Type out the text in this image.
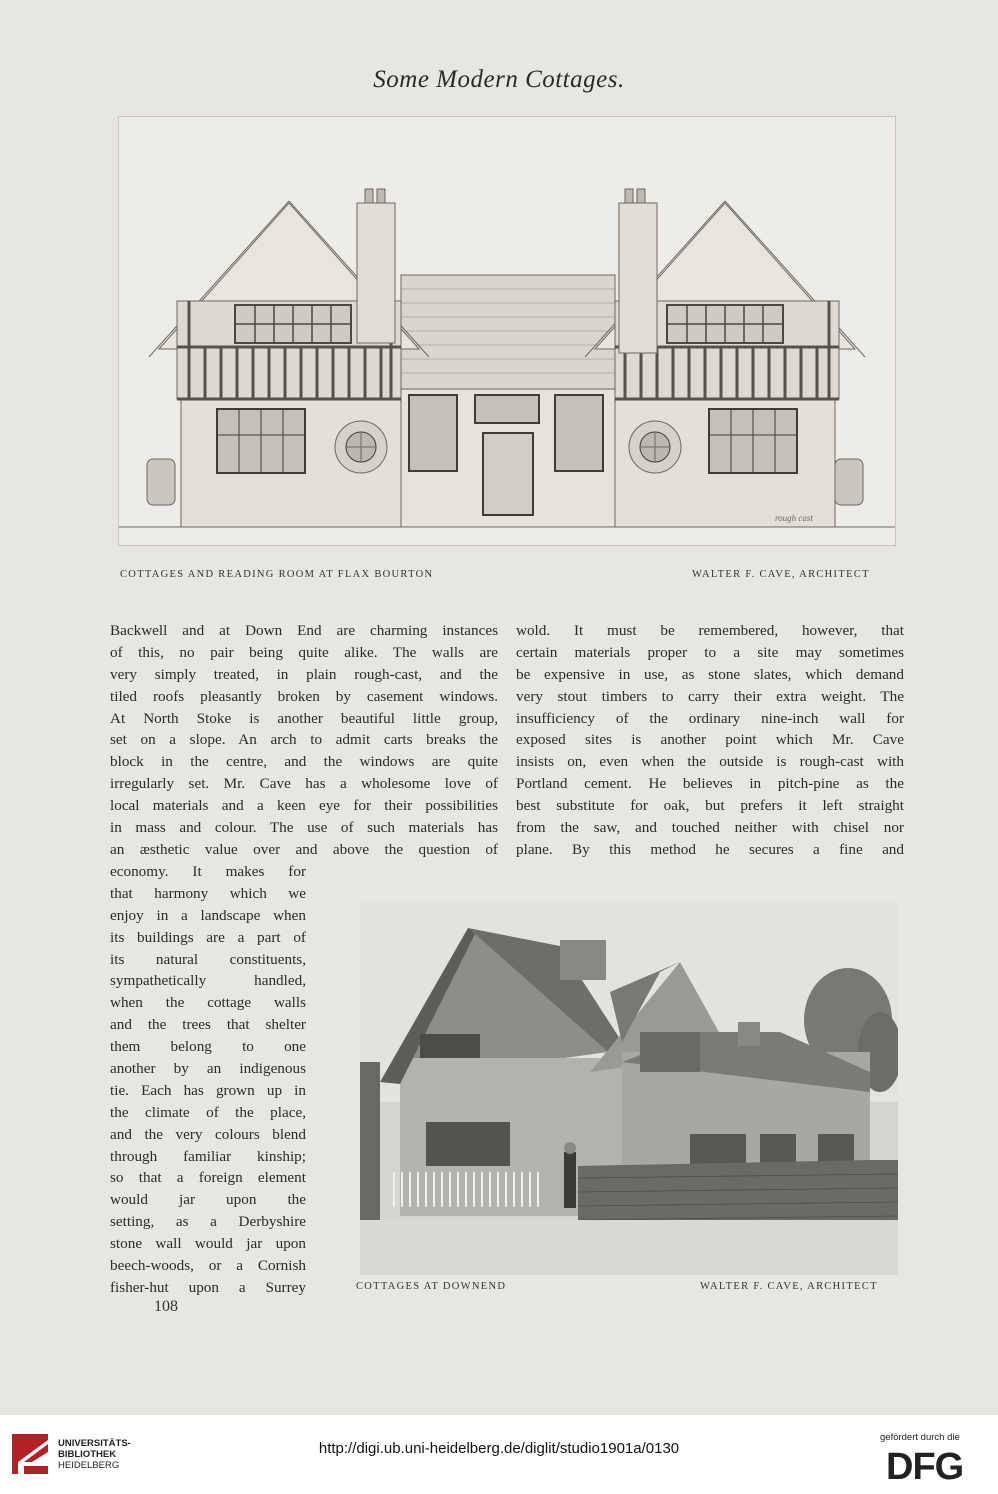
Some Modern Cottages.
rough cast
COTTAGES AND READING ROOM AT FLAX BOURTON	WALTER F. CAVE, ARCHITECT
Backwell and at Down End are charming instances
of this, no pair being quite alike. The walls are
very simply treated, in plain rough-cast, and the
tiled roofs pleasantly broken by casement windows.
At North Stoke is another beautiful little group,
set on a slope. An arch to admit carts breaks the
block in the centre, and the windows are quite
irregularly set. Mr. Cave has a wholesome love of
local materials and a keen eye for their possibilities
in mass and colour. The use of such materials has
an æsthetic value over and above the question of
wold. It must be remembered, however, that
certain materials proper to a site may sometimes
be expensive in use, as stone slates, which demand
very stout timbers to carry their extra weight. The
insufficiency of the ordinary nine-inch wall for
exposed sites is another point which Mr. Cave
insists on, even when the outside is rough-cast with
Portland cement. He believes in pitch-pine as the
best substitute for oak, but prefers it left straight
from the saw, and touched neither with chisel nor
plane. By this method he secures a fine and
economy. It makes for
that harmony which we
enjoy in a landscape when
its buildings are a part of
its natural constituents,
sympathetically handled,
when the cottage walls
and the trees that shelter
them belong to one
another by an indigenous
tie. Each has grown up in
the climate of the place,
and the very colours blend
through familiar kinship;
so that a foreign element
would jar upon the
setting, as a Derbyshire
stone wall would jar upon
beech-woods, or a Cornish
fisher-hut upon a Surrey	COTTAGES AT DOWNEND	WALTER F. CAVE, ARCHITECT
108
UNIVERSITÄTS-
BIBLIOTHEK
HEIDELBERG
http://digi.ub.uni-heidelberg.de/diglit/studio1901a/0130
gefördert durch die
DFG
